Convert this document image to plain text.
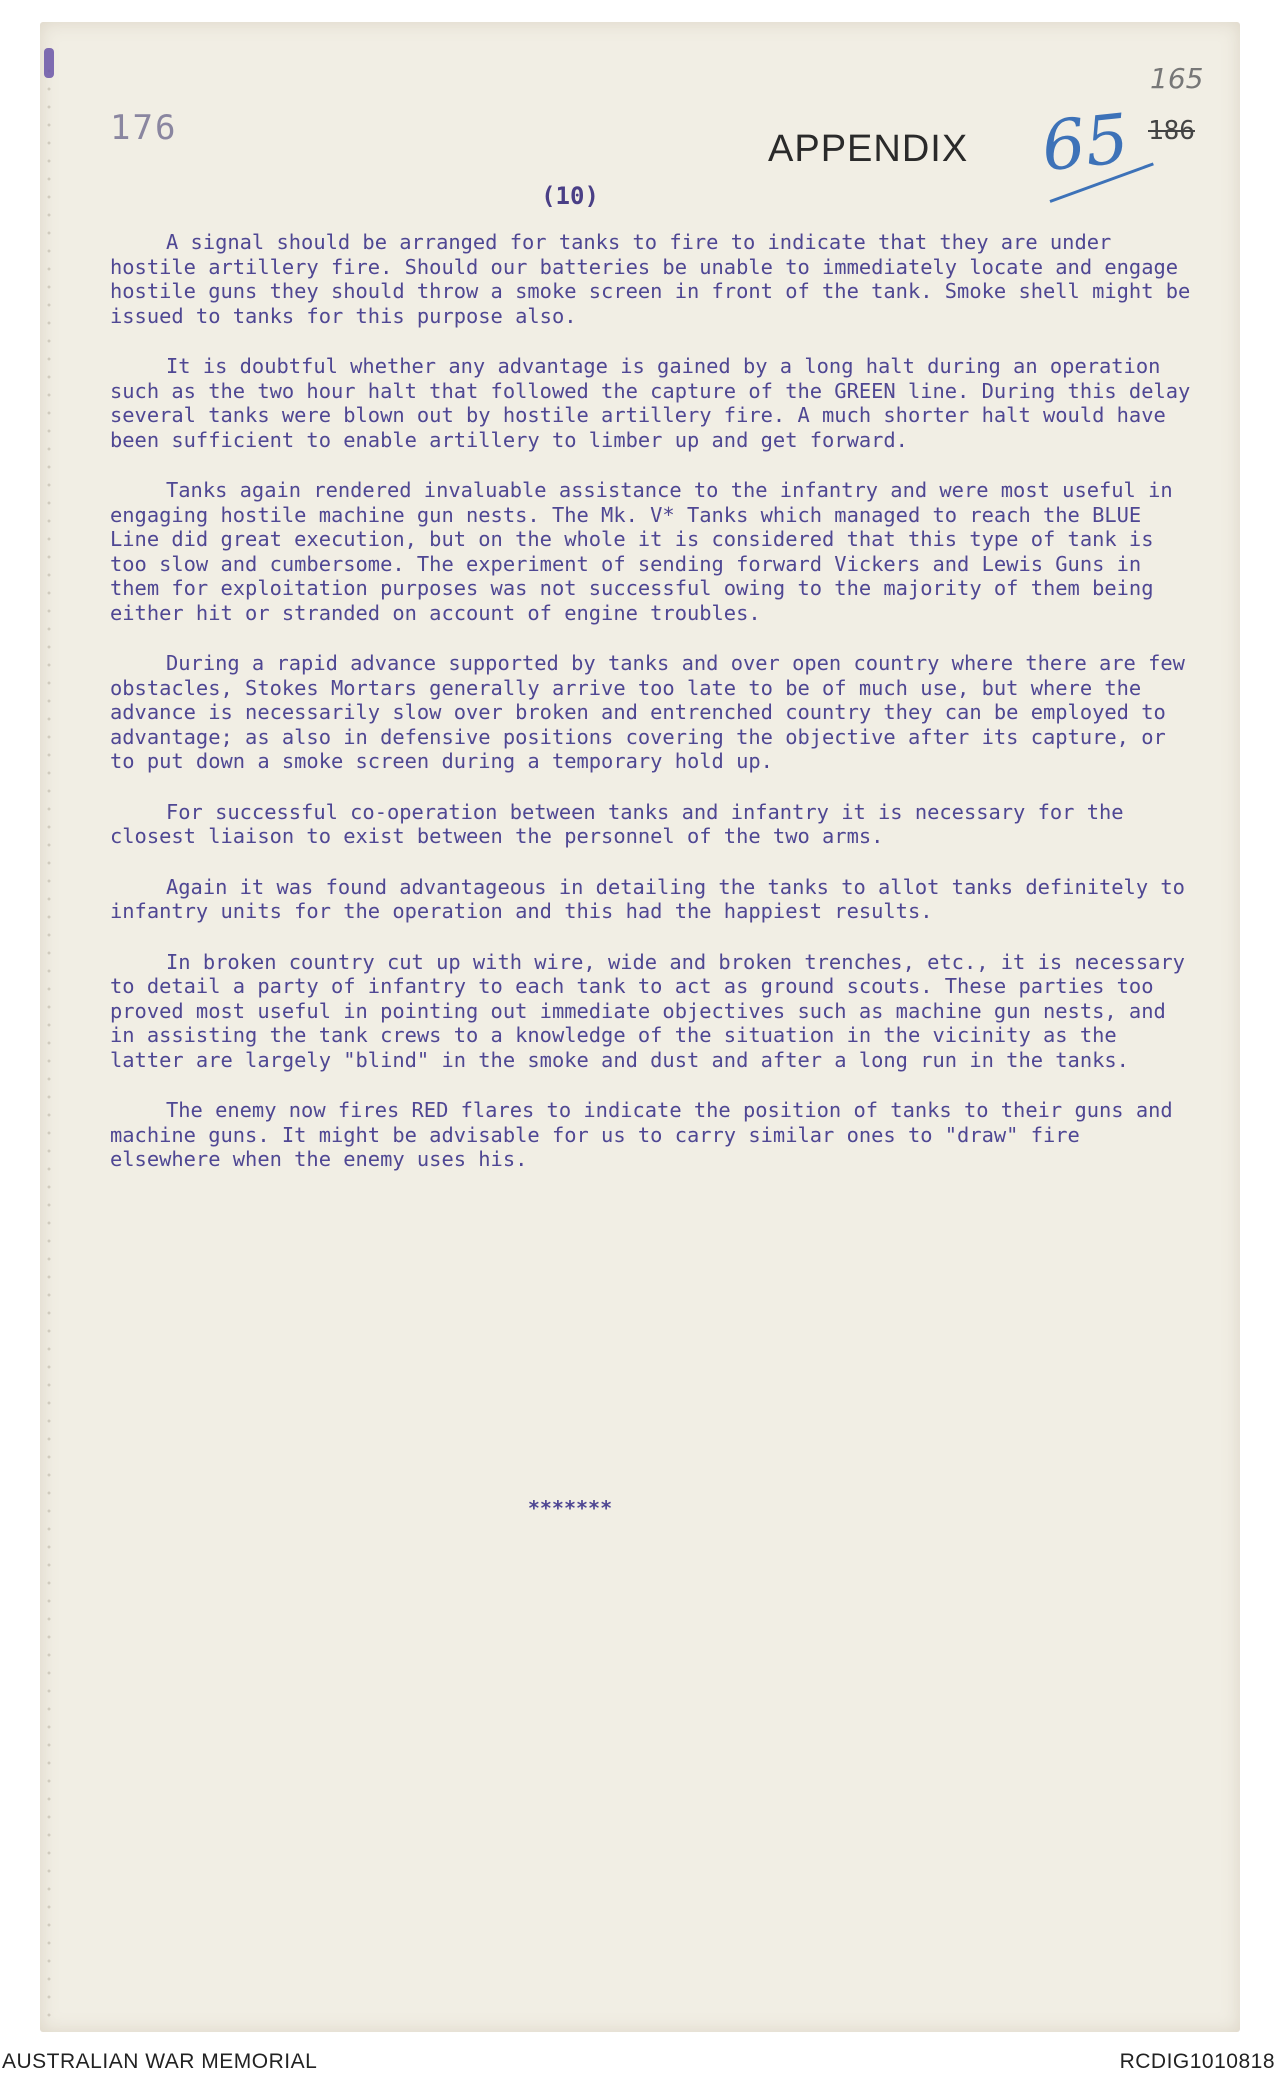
176	APPENDIX
165
65 186
(10)

A signal should be arranged for tanks to fire to indicate that they are under hostile artillery fire. Should our batteries be unable to immediately locate and engage hostile guns they should throw a smoke screen in front of the tank. Smoke shell might be issued to tanks for this purpose also.

It is doubtful whether any advantage is gained by a long halt during an operation such as the two hour halt that followed the capture of the GREEN line. During this delay several tanks were blown out by hostile artillery fire. A much shorter halt would have been sufficient to enable artillery to limber up and get forward.

Tanks again rendered invaluable assistance to the infantry and were most useful in engaging hostile machine gun nests. The Mk. V* Tanks which managed to reach the BLUE Line did great execution, but on the whole it is considered that this type of tank is too slow and cumbersome. The experiment of sending forward Vickers and Lewis Guns in them for exploitation purposes was not successful owing to the majority of them being either hit or stranded on account of engine troubles.

During a rapid advance supported by tanks and over open country where there are few obstacles, Stokes Mortars generally arrive too late to be of much use, but where the advance is necessarily slow over broken and entrenched country they can be employed to advantage; as also in defensive positions covering the objective after its capture, or to put down a smoke screen during a temporary hold up.

For successful co-operation between tanks and infantry it is necessary for the closest liaison to exist between the personnel of the two arms.

Again it was found advantageous in detailing the tanks to allot tanks definitely to infantry units for the operation and this had the happiest results.

In broken country cut up with wire, wide and broken trenches, etc., it is necessary to detail a party of infantry to each tank to act as ground scouts. These parties too proved most useful in pointing out immediate objectives such as machine gun nests, and in assisting the tank crews to a knowledge of the situation in the vicinity as the latter are largely "blind" in the smoke and dust and after a long run in the tanks.

The enemy now fires RED flares to indicate the position of tanks to their guns and machine guns. It might be advisable for us to carry similar ones to "draw" fire elsewhere when the enemy uses his.

*******
AUSTRALIAN WAR MEMORIAL	RCDIG1010818
